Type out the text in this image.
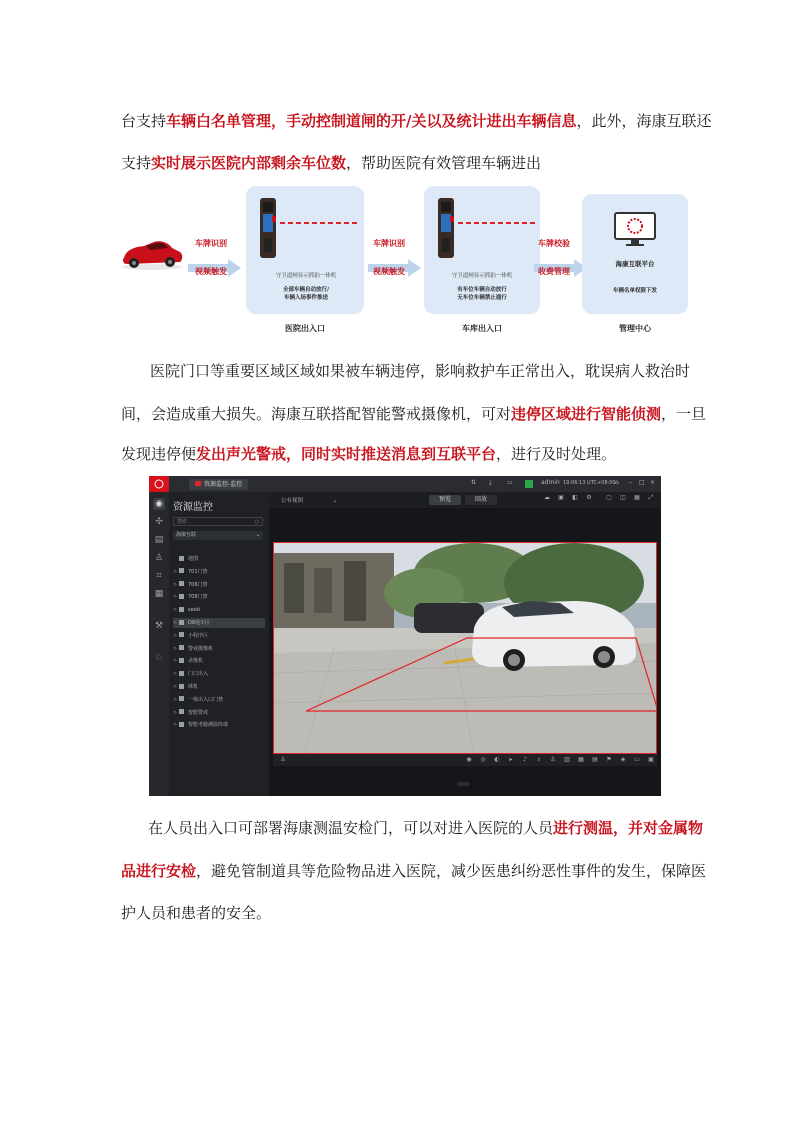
台支持车辆白名单管理，手动控制道闸的开/关以及统计进出车辆信息，此外，海康互联还
支持实时展示医院内部剩余车位数，帮助医院有效管理车辆进出
车牌识别
视频触发	守卫道闸显示抓拍一体机
全部车辆自动放行/
车辆入场事件推送
医院出入口
车牌识别
视频触发	守卫道闸显示抓拍一体机
有车位车辆自动放行
无车位车辆禁止通行
车库出入口
车牌校验
收费管理
海康互联平台
车辆名单权限下发
管理中心
医院门口等重要区域区域如果被车辆违停，影响救护车正常出入，耽误病人救治时
间，会造成重大损失。海康互联搭配智能警戒摄像机，可对违停区域进行智能侦测，一旦
发现违停便发出声光警戒，同时实时推送消息到互联平台，进行及时处理。
资源监控-监控	⇅ ⤓	▭	admin 19:06:13 UTC+08:00 ⌂ – □ ×
◉
✣
▤
♙
⌗
▦
⚒
♘
资源监控
搜索	○
海康互联	⌄
地图
> 701门禁
> 706门禁
> 708门禁
> seski
> D8地车区
> 小程序区
> 警戒摄像机
> 录像机
> 门口出入
> 球机
> 一体出入口门禁
> 智能警戒
> 智能考勤测温终端
公有视图	⌄	预览	回放	☁ ▣ ◧ ⚙ ▢ ◫ ▦ ⤢
♙	◉ ◎ ◐	▸	♪	⌕	♙ ▥ ▦ ▤ ⚑ ◈ ▭ ▣
在人员出入口可部署海康测温安检门，可以对进入医院的人员进行测温，并对金属物
品进行安检，避免管制道具等危险物品进入医院，减少医患纠纷恶性事件的发生，保障医
护人员和患者的安全。
